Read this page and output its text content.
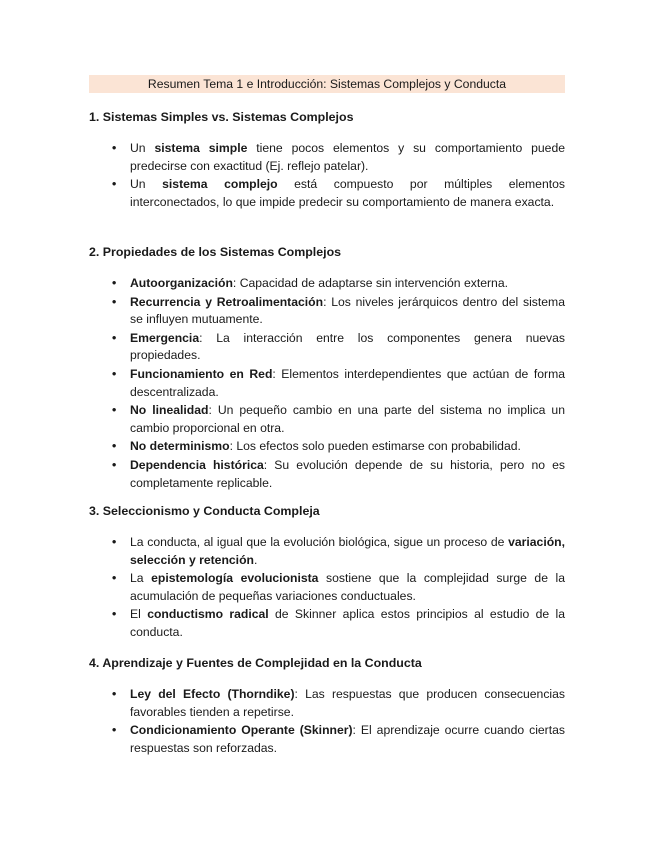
Resumen Tema 1 e Introducción: Sistemas Complejos y Conducta
1. Sistemas Simples vs. Sistemas Complejos
• Un sistema simple tiene pocos elementos y su comportamiento puede predecirse con exactitud (Ej. reflejo patelar).
• Un sistema complejo está compuesto por múltiples elementos interconectados, lo que impide predecir su comportamiento de manera exacta.
2. Propiedades de los Sistemas Complejos
• Autoorganización: Capacidad de adaptarse sin intervención externa.
• Recurrencia y Retroalimentación: Los niveles jerárquicos dentro del sistema se influyen mutuamente.
• Emergencia: La interacción entre los componentes genera nuevas propiedades.
• Funcionamiento en Red: Elementos interdependientes que actúan de forma descentralizada.
• No linealidad: Un pequeño cambio en una parte del sistema no implica un cambio proporcional en otra.
• No determinismo: Los efectos solo pueden estimarse con probabilidad.
• Dependencia histórica: Su evolución depende de su historia, pero no es completamente replicable.
3. Seleccionismo y Conducta Compleja
• La conducta, al igual que la evolución biológica, sigue un proceso de variación, selección y retención.
• La epistemología evolucionista sostiene que la complejidad surge de la acumulación de pequeñas variaciones conductuales.
• El conductismo radical de Skinner aplica estos principios al estudio de la conducta.
4. Aprendizaje y Fuentes de Complejidad en la Conducta
• Ley del Efecto (Thorndike): Las respuestas que producen consecuencias favorables tienden a repetirse.
• Condicionamiento Operante (Skinner): El aprendizaje ocurre cuando ciertas respuestas son reforzadas.
